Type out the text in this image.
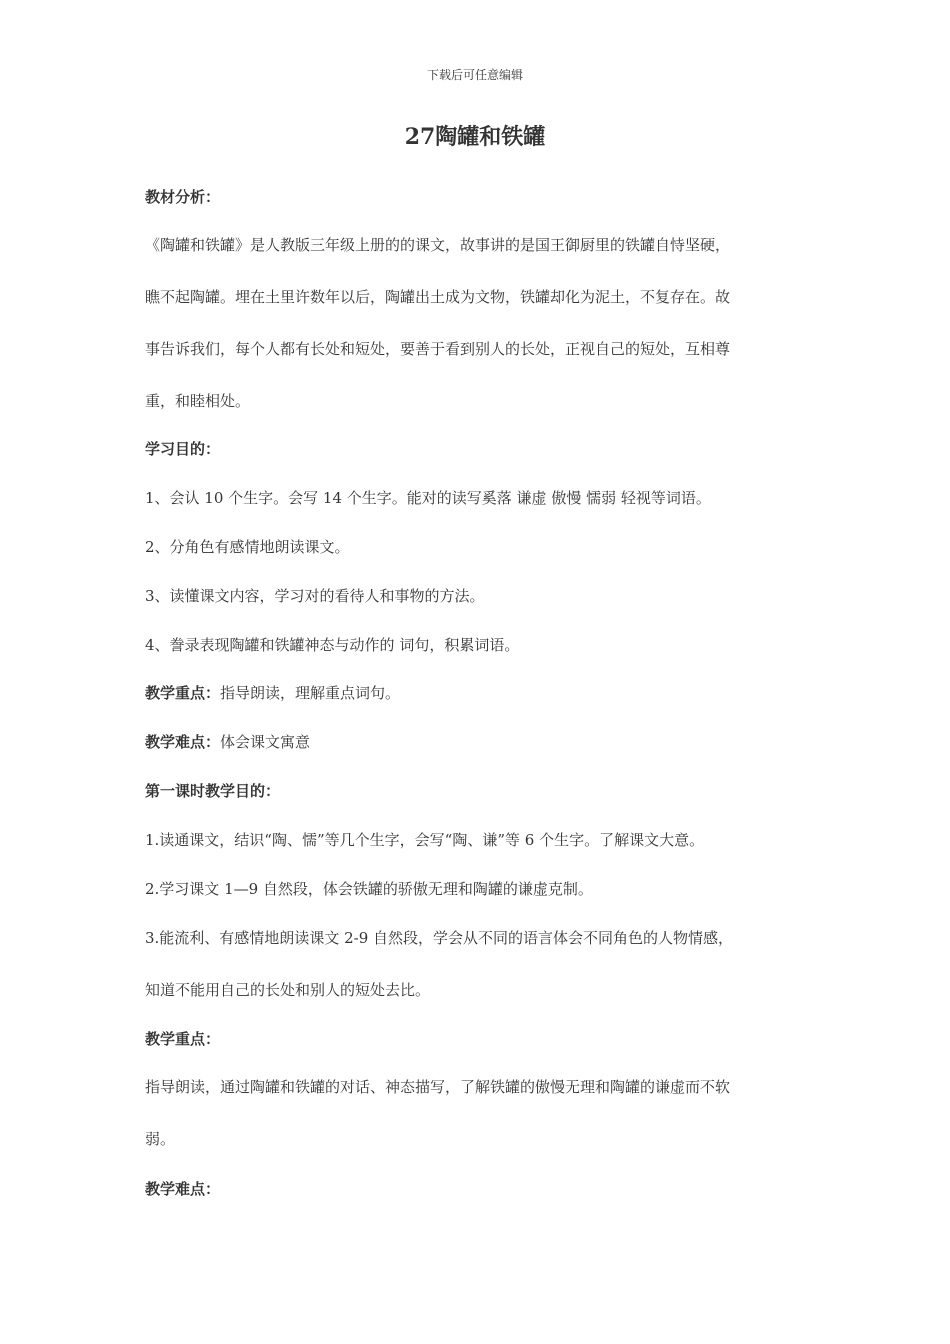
下载后可任意编辑
27陶罐和铁罐
教材分析：
《陶罐和铁罐》是人教版三年级上册的的课文，故事讲的是国王御厨里的铁罐自恃坚硬，
瞧不起陶罐。埋在土里许数年以后，陶罐出土成为文物，铁罐却化为泥土，不复存在。故
事告诉我们，每个人都有长处和短处，要善于看到别人的长处，正视自己的短处，互相尊
重，和睦相处。
学习目的：
1、会认 10 个生字。会写 14 个生字。能对的读写奚落 谦虚 傲慢 懦弱 轻视等词语。
2、分角色有感情地朗读课文。
3、读懂课文内容，学习对的看待人和事物的方法。
4、誊录表现陶罐和铁罐神态与动作的 词句，积累词语。
教学重点：指导朗读，理解重点词句。
教学难点：体会课文寓意
第一课时教学目的：
1.读通课文，结识“陶、懦”等几个生字，会写“陶、谦”等 6 个生字。了解课文大意。
2.学习课文 1—9 自然段，体会铁罐的骄傲无理和陶罐的谦虚克制。
3.能流利、有感情地朗读课文 2-9 自然段，学会从不同的语言体会不同角色的人物情感，
知道不能用自己的长处和别人的短处去比。
教学重点：
指导朗读，通过陶罐和铁罐的对话、神态描写，了解铁罐的傲慢无理和陶罐的谦虚而不软
弱。
教学难点：
